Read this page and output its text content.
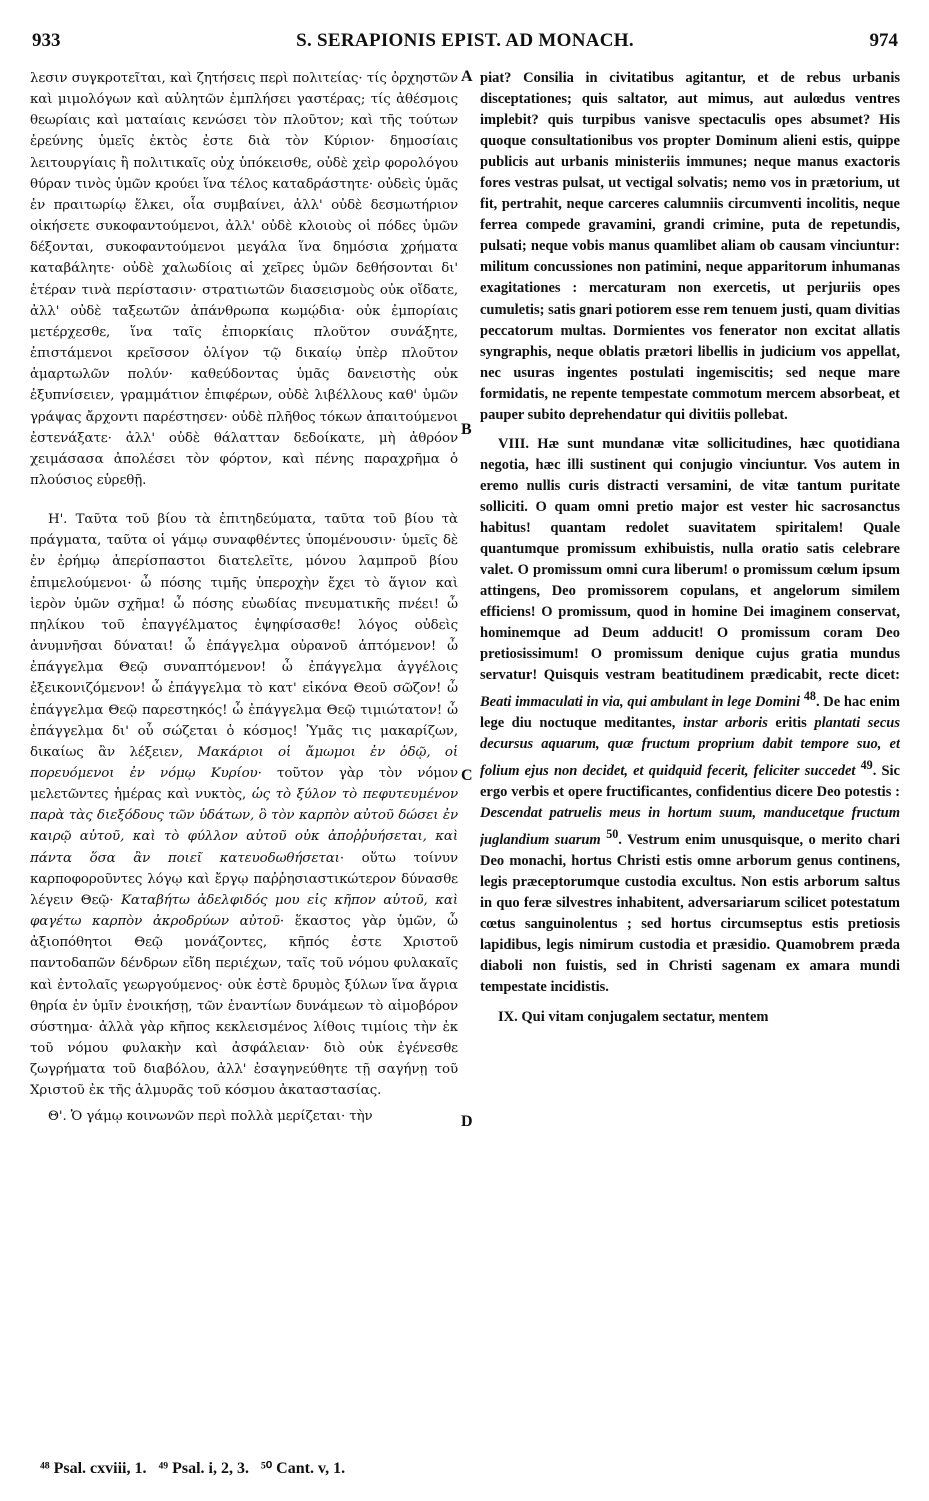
933	S. SERAPIONIS EPIST. AD MONACH.	974

λεσιν συγκροτεῖται, καὶ ζητήσεις περὶ πολιτείας· τίς ὀρχηστῶν καὶ μιμολόγων καὶ αὐλητῶν ἐμπλήσει γαστέρας; τίς ἀθέσμοις θεωρίαις καὶ ματαίαις κενώσει τὸν πλοῦτον; καὶ τῆς τούτων ἐρεύνης ὑμεῖς ἐκτὸς ἐστε διὰ τὸν Κύριον· δημοσίαις λειτουργίαις ἢ πολιτικαῖς οὐχ ὑπόκεισθε, οὐδὲ χεὶρ φορολόγου θύραν τινὸς ὑμῶν κρούει ἵνα τέλος καταδράστητε· οὐδεὶς ὑμᾶς ἐν πραιτωρίῳ ἕλκει, οἷα συμβαίνει, ἀλλ' οὐδὲ δεσμωτήριον οἰκήσετε συκοφαντούμενοι, ἀλλ' οὐδὲ κλοιοὺς οἱ πόδες ὑμῶν δέξονται, συκοφαντούμενοι μεγάλα ἵνα δημόσια χρήματα καταβάλητε· οὐδὲ χαλωδίοις αἱ χεῖρες ὑμῶν δεθήσονται δι' ἑτέραν τινὰ περίστασιν· στρατιωτῶν διασεισμοὺς οὐκ οἴδατε, ἀλλ' οὐδὲ ταξεωτῶν ἀπάνθρωπα κωμῴδια· οὐκ ἐμπορίαις μετέρχεσθε, ἵνα ταῖς ἐπιορκίαις πλοῦτον συνάξητε, ἐπιστάμενοι κρεῖσσον ὀλίγον τῷ δικαίῳ ὑπὲρ πλοῦτον ἁμαρτωλῶν πολύν· καθεύδοντας ὑμᾶς δανειστὴς οὐκ ἐξυπνίσειεν, γραμμάτιον ἐπιφέρων, οὐδὲ λιβέλλους καθ' ὑμῶν γράψας ἄρχοντι παρέστησεν· οὐδὲ πλῆθος τόκων ἀπαιτούμενοι ἐστενάξατε· ἀλλ' οὐδὲ θάλατταν δεδοίκατε, μὴ ἀθρόον χειμάσασα ἀπολέσει τὸν φόρτον, καὶ πένης παραχρῆμα ὁ πλούσιος εὑρεθῇ.

Η'. Ταῦτα τοῦ βίου τὰ ἐπιτηδεύματα, ταῦτα τοῦ βίου τὰ πράγματα, ταῦτα οἱ γάμῳ συναφθέντες ὑπομένουσιν· ὑμεῖς δὲ ἐν ἐρήμῳ ἀπερίσπαστοι διατελεῖτε, μόνου λαμπροῦ βίου ἐπιμελούμενοι· ὦ πόσης τιμῆς ὑπεροχὴν ἔχει τὸ ἅγιον καὶ ἱερὸν ὑμῶν σχῆμα! ὦ πόσης εὐωδίας πνευματικῆς πνέει! ὦ πηλίκου τοῦ ἐπαγγέλματος ἐψηφίσασθε! λόγος οὐδεὶς ἀνυμνῆσαι δύναται! ὦ ἐπάγγελμα οὐρανοῦ ἁπτόμενον! ὦ ἐπάγγελμα Θεῷ συναπτόμενον! ὦ ἐπάγγελμα ἀγγέλοις ἐξεικονιζόμενον! ὦ ἐπάγγελμα τὸ κατ' εἰκόνα Θεοῦ σῶζον! ὦ ἐπάγγελμα Θεῷ παρεστηκός! ὦ ἐπάγγελμα Θεῷ τιμιώτατον! ὦ ἐπάγγελμα δι' οὗ σώζεται ὁ κόσμος! Ὑμᾶς τις μακαρίζων, δικαίως ἂν λέξειεν, Μακάριοι οἱ ἄμωμοι ἐν ὁδῷ, οἱ πορευόμενοι ἐν νόμῳ Κυρίου· τοῦτον γὰρ τὸν νόμον μελετῶντες ἡμέρας καὶ νυκτὸς, ὡς τὸ ξύλον τὸ πεφυτευμένον παρὰ τὰς διεξόδους τῶν ὑδάτων, ὃ τὸν καρπὸν αὐτοῦ δώσει ἐν καιρῷ αὐτοῦ, καὶ τὸ φύλλον αὐτοῦ οὐκ ἀποῤῥυήσεται, καὶ πάντα ὅσα ἂν ποιεῖ κατευοδωθήσεται· οὕτω τοίνυν καρποφοροῦντες λόγῳ καὶ ἔργῳ παῤῥησιαστικώτερον δύνασθε λέγειν Θεῷ· Καταβήτω ἀδελφιδός μου εἰς κῆπον αὐτοῦ, καὶ φαγέτω καρπὸν ἀκροδρύων αὐτοῦ· ἕκαστος γὰρ ὑμῶν, ὦ ἀξιοπόθητοι Θεῷ μονάζοντες, κῆπός ἐστε Χριστοῦ παντοδαπῶν δένδρων εἴδη περιέχων, ταῖς τοῦ νόμου φυλακαῖς καὶ ἐντολαῖς γεωργούμενος· οὐκ ἐστὲ δρυμὸς ξύλων ἵνα ἄγρια θηρία ἐν ὑμῖν ἐνοικήσῃ, τῶν ἐναντίων δυνάμεων τὸ αἱμοβόρον σύστημα· ἀλλὰ γὰρ κῆπος κεκλεισμένος λίθοις τιμίοις τὴν ἐκ τοῦ νόμου φυλακὴν καὶ ἀσφάλειαν· διὸ οὐκ ἐγένεσθε ζωγρήματα τοῦ διαβόλου, ἀλλ' ἐσαγηνεύθητε τῇ σαγήνῃ τοῦ Χριστοῦ ἐκ τῆς ἁλμυρᾶς τοῦ κόσμου ἀκαταστασίας.

Θ'. Ὁ γάμῳ κοινωνῶν περὶ πολλὰ μερίζεται· τὴν

A
B
C
D

piat? Consilia in civitatibus agitantur, et de rebus urbanis disceptationes; quis saltator, aut mimus, aut aulœdus ventres implebit? quis turpibus vanisve spectaculis opes absumet? His quoque consultationibus vos propter Dominum alieni estis, quippe publicis aut urbanis ministeriis immunes; neque manus exactoris fores vestras pulsat, ut vectigal solvatis; nemo vos in prætorium, ut fit, pertrahit, neque carceres calumniis circumventi incolitis, neque ferrea compede gravamini, grandi crimine, puta de repetundis, pulsati; neque vobis manus quamlibet aliam ob causam vinciuntur: militum concussiones non patimini, neque apparitorum inhumanas exagitationes : mercaturam non exercetis, ut perjuriis opes cumuletis; satis gnari potiorem esse rem tenuem justi, quam divitias peccatorum multas. Dormientes vos fenerator non excitat allatis syngraphis, neque oblatis prætori libellis in judicium vos appellat, nec usuras ingentes postulati ingemiscitis; sed neque mare formidatis, ne repente tempestate commotum mercem absorbeat, et pauper subito deprehendatur qui divitiis pollebat.

VIII. Hæ sunt mundanæ vitæ sollicitudines, hæc quotidiana negotia, hæc illi sustinent qui conjugio vinciuntur. Vos autem in eremo nullis curis distracti versamini, de vitæ tantum puritate solliciti. O quam omni pretio major est vester hic sacrosanctus habitus! quantam redolet suavitatem spiritalem! Quale quantumque promissum exhibuistis, nulla oratio satis celebrare valet. O promissum omni cura liberum! o promissum cœlum ipsum attingens, Deo promissorem copulans, et angelorum similem efficiens! O promissum, quod in homine Dei imaginem conservat, hominemque ad Deum adducit! O promissum coram Deo pretiosissimum! O promissum denique cujus gratia mundus servatur! Quisquis vestram beatitudinem prædicabit, recte dicet: Beati immaculati in via, qui ambulant in lege Domini $^{48}$. De hac enim lege diu noctuque meditantes, instar arboris eritis plantati secus decursus aquarum, quæ fructum proprium dabit tempore suo, et folium ejus non decidet, et quidquid fecerit, feliciter succedet $^{49}$. Sic ergo verbis et opere fructificantes, confidentius dicere Deo potestis : Descendat patruelis meus in hortum suum, manducetque fructum juglandium suarum $^{50}$. Vestrum enim unusquisque, o merito chari Deo monachi, hortus Christi estis omne arborum genus continens, legis præceptorumque custodia excultus. Non estis arborum saltus in quo feræ silvestres inhabitent, adversariarum scilicet potestatum cœtus sanguinolentus ; sed hortus circumseptus estis pretiosis lapidibus, legis nimirum custodia et præsidio. Quamobrem præda diaboli non fuistis, sed in Christi sagenam ex amara mundi tempestate incidistis.

IX. Qui vitam conjugalem sectatur, mentem

⁴⁸ Psal. cxviii, 1.   ⁴⁹ Psal. i, 2, 3.   ⁵⁰ Cant. v, 1.
